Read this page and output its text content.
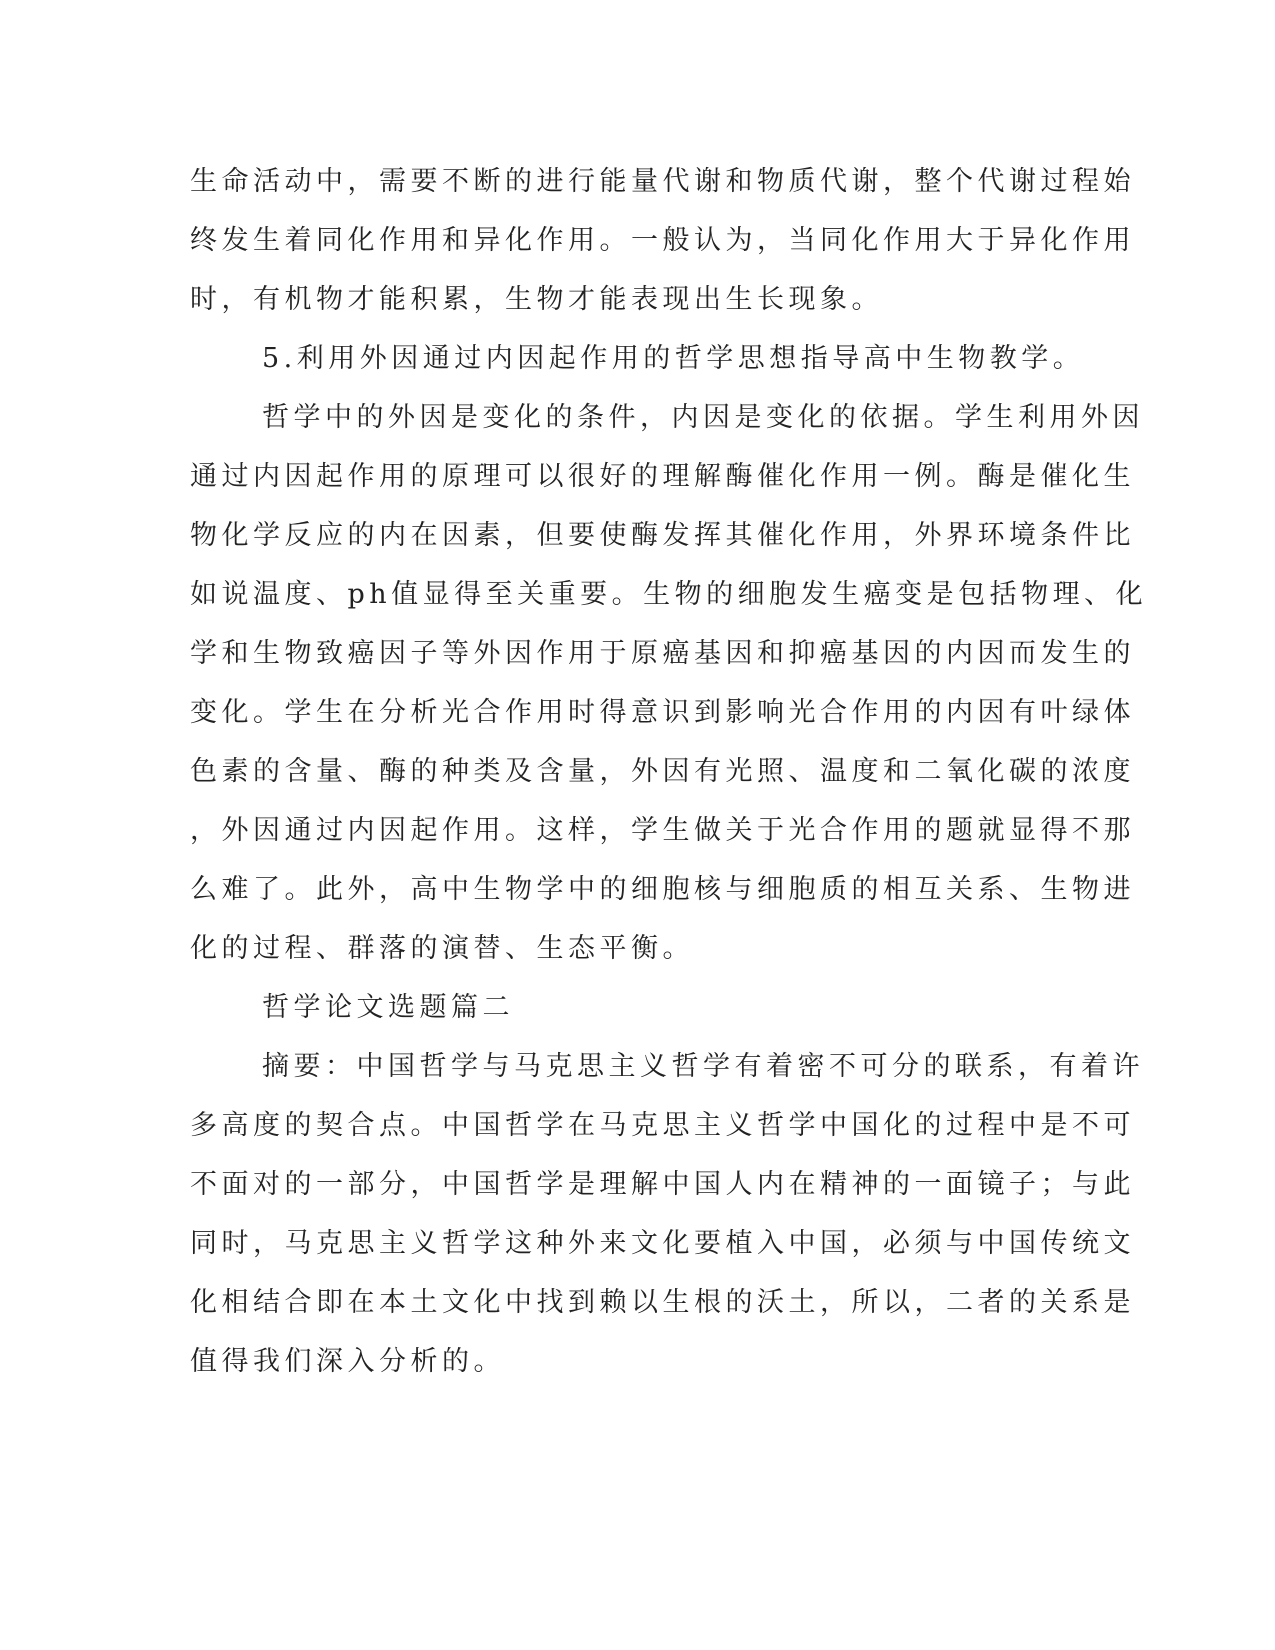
生命活动中，需要不断的进行能量代谢和物质代谢，整个代谢过程始
终发生着同化作用和异化作用。一般认为，当同化作用大于异化作用
时，有机物才能积累，生物才能表现出生长现象。
5.利用外因通过内因起作用的哲学思想指导高中生物教学。
哲学中的外因是变化的条件，内因是变化的依据。学生利用外因
通过内因起作用的原理可以很好的理解酶催化作用一例。酶是催化生
物化学反应的内在因素，但要使酶发挥其催化作用，外界环境条件比
如说温度、ph值显得至关重要。生物的细胞发生癌变是包括物理、化
学和生物致癌因子等外因作用于原癌基因和抑癌基因的内因而发生的
变化。学生在分析光合作用时得意识到影响光合作用的内因有叶绿体
色素的含量、酶的种类及含量，外因有光照、温度和二氧化碳的浓度
，外因通过内因起作用。这样，学生做关于光合作用的题就显得不那
么难了。此外，高中生物学中的细胞核与细胞质的相互关系、生物进
化的过程、群落的演替、生态平衡。
哲学论文选题篇二
摘要：中国哲学与马克思主义哲学有着密不可分的联系，有着许
多高度的契合点。中国哲学在马克思主义哲学中国化的过程中是不可
不面对的一部分，中国哲学是理解中国人内在精神的一面镜子；与此
同时，马克思主义哲学这种外来文化要植入中国，必须与中国传统文
化相结合即在本土文化中找到赖以生根的沃土，所以，二者的关系是
值得我们深入分析的。
